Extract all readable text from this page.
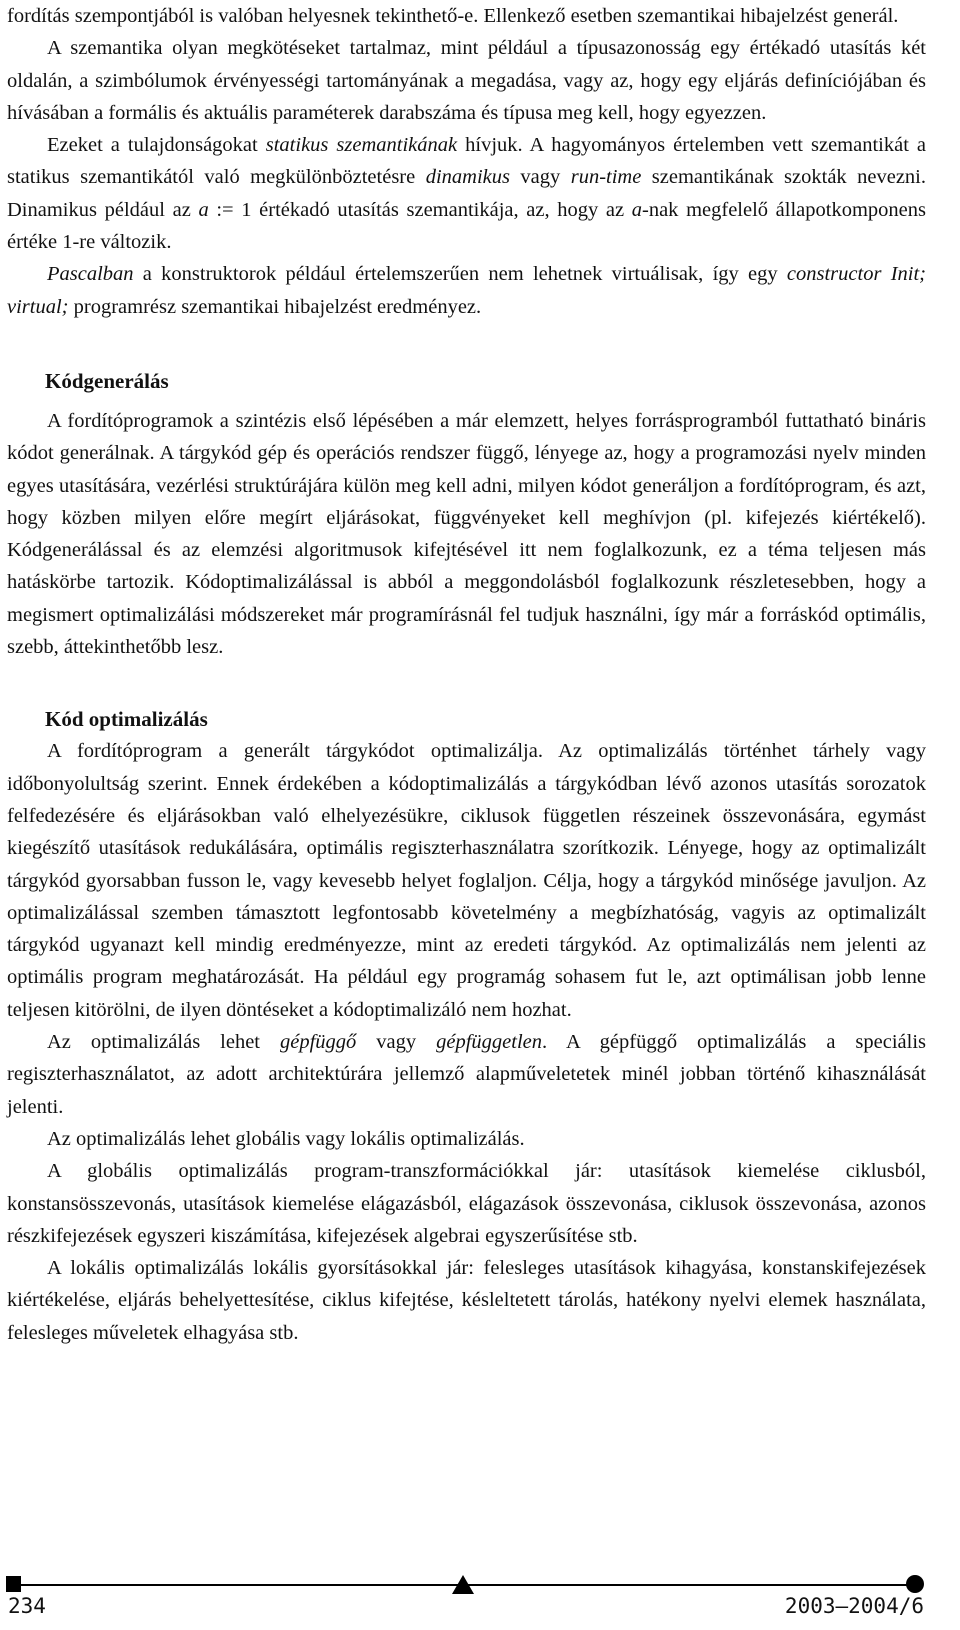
fordítás szempontjából is valóban helyesnek tekinthető-e. Ellenkező esetben szemantikai hibajelzést generál.

A szemantika olyan megkötéseket tartalmaz, mint például a típusazonosság egy értékadó utasítás két oldalán, a szimbólumok érvényességi tartományának a megadása, vagy az, hogy egy eljárás definíciójában és hívásában a formális és aktuális paraméterek darabszáma és típusa meg kell, hogy egyezzen.

Ezeket a tulajdonságokat statikus szemantikának hívjuk. A hagyományos értelemben vett szemantikát a statikus szemantikától való megkülönböztetésre dinamikus vagy run-time szemantikának szokták nevezni. Dinamikus például az a := 1 értékadó utasítás szemantikája, az, hogy az a-nak megfelelő állapotkomponens értéke 1-re változik.

Pascalban a konstruktorok például értelemszerűen nem lehetnek virtuálisak, így egy constructor Init; virtual; programrész szemantikai hibajelzést eredményez.

Kódgenerálás

A fordítóprogramok a szintézis első lépésében a már elemzett, helyes forrásprogramból futtatható bináris kódot generálnak. A tárgykód gép és operációs rendszer függő, lényege az, hogy a programozási nyelv minden egyes utasítására, vezérlési struktúrájára külön meg kell adni, milyen kódot generáljon a fordítóprogram, és azt, hogy közben milyen előre megírt eljárásokat, függvényeket kell meghívjon (pl. kifejezés kiértékelő). Kódgenerálással és az elemzési algoritmusok kifejtésével itt nem foglalkozunk, ez a téma teljesen más hatáskörbe tartozik. Kódoptimalizálással is abból a meggondolásból foglalkozunk részletesebben, hogy a megismert optimalizálási módszereket már programírásnál fel tudjuk használni, így már a forráskód optimális, szebb, áttekinthetőbb lesz.

Kód optimalizálás

A fordítóprogram a generált tárgykódot optimalizálja. Az optimalizálás történhet tárhely vagy időbonyolultság szerint. Ennek érdekében a kódoptimalizálás a tárgykódban lévő azonos utasítás sorozatok felfedezésére és eljárásokban való elhelyezésükre, ciklusok független részeinek összevonására, egymást kiegészítő utasítások redukálására, optimális regiszterhasználatra szorítkozik. Lényege, hogy az optimalizált tárgykód gyorsabban fusson le, vagy kevesebb helyet foglaljon. Célja, hogy a tárgykód minősége javuljon. Az optimalizálással szemben támasztott legfontosabb követelmény a megbízhatóság, vagyis az optimalizált tárgykód ugyanazt kell mindig eredményezze, mint az eredeti tárgykód. Az optimalizálás nem jelenti az optimális program meghatározását. Ha például egy programág sohasem fut le, azt optimálisan jobb lenne teljesen kitörölni, de ilyen döntéseket a kódoptimalizáló nem hozhat.

Az optimalizálás lehet gépfüggő vagy gépfüggetlen. A gépfüggő optimalizálás a speciális regiszterhasználatot, az adott architektúrára jellemző alapműveletetek minél jobban történő kihasználását jelenti.

Az optimalizálás lehet globális vagy lokális optimalizálás.

A globális optimalizálás program-transzformációkkal jár: utasítások kiemelése ciklusból, konstansösszevonás, utasítások kiemelése elágazásból, elágazások összevonása, ciklusok összevonása, azonos részkifejezések egyszeri kiszámítása, kifejezések algebrai egyszerűsítése stb.

A lokális optimalizálás lokális gyorsításokkal jár: felesleges utasítások kihagyása, konstanskifejezések kiértékelése, eljárás behelyettesítése, ciklus kifejtése, késleltetett tárolás, hatékony nyelvi elemek használata, felesleges műveletek elhagyása stb.

234	2003–2004/6
